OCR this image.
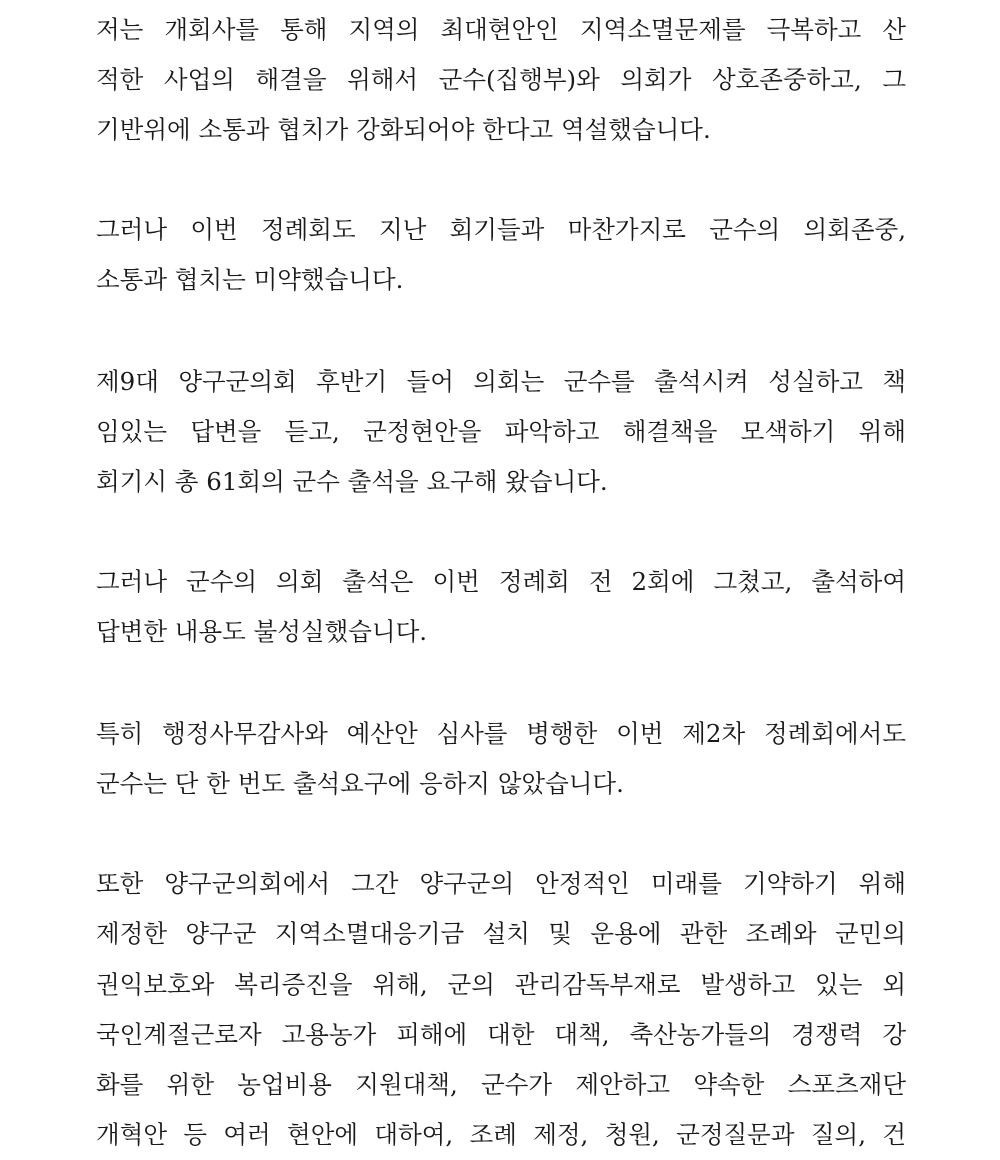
저는 개회사를 통해 지역의 최대현안인 지역소멸문제를 극복하고 산
적한 사업의 해결을 위해서 군수(집행부)와 의회가 상호존중하고, 그
기반위에 소통과 협치가 강화되어야 한다고 역설했습니다.
그러나 이번 정례회도 지난 회기들과 마찬가지로 군수의 의회존중,
소통과 협치는 미약했습니다.
제9대 양구군의회 후반기 들어 의회는 군수를 출석시켜 성실하고 책
임있는 답변을 듣고, 군정현안을 파악하고 해결책을 모색하기 위해
회기시 총 61회의 군수 출석을 요구해 왔습니다.
그러나 군수의 의회 출석은 이번 정례회 전 2회에 그쳤고, 출석하여
답변한 내용도 불성실했습니다.
특히 행정사무감사와 예산안 심사를 병행한 이번 제2차 정례회에서도
군수는 단 한 번도 출석요구에 응하지 않았습니다.
또한 양구군의회에서 그간 양구군의 안정적인 미래를 기약하기 위해
제정한 양구군 지역소멸대응기금 설치 및 운용에 관한 조례와 군민의
권익보호와 복리증진을 위해, 군의 관리감독부재로 발생하고 있는 외
국인계절근로자 고용농가 피해에 대한 대책, 축산농가들의 경쟁력 강
화를 위한 농업비용 지원대책, 군수가 제안하고 약속한 스포츠재단
개혁안 등 여러 현안에 대하여, 조례 제정, 청원, 군정질문과 질의, 건
